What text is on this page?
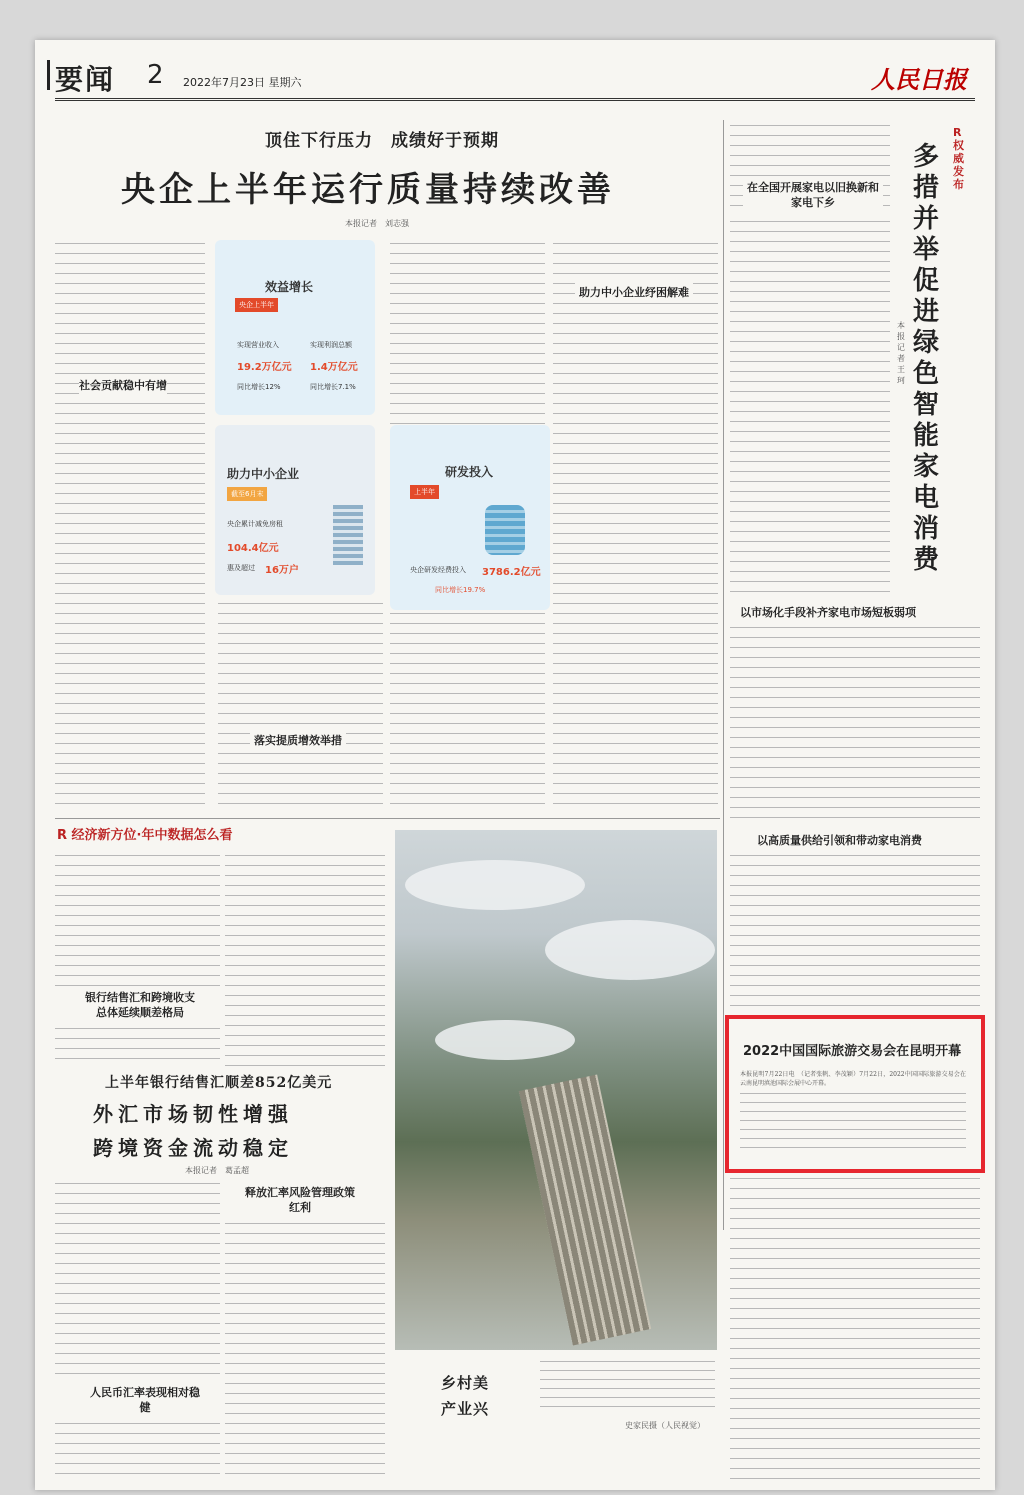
要闻 2 2022年7月23日 星期六	人民日报
顶住下行压力　成绩好于预期
央企上半年运行质量持续改善
本报记者　刘志强
社会贡献稳中有增
助力中小企业纾困解难
落实提质增效举措
效益增长
央企上半年
实现营业收入	实现利润总额
19.2万亿元 1.4万亿元
同比增长12%	同比增长7.1%
助力中小企业
截至6月末
央企累计减免房租
104.4亿元
惠及超过 16万户
研发投入
上半年
央企研发经费投入 3786.2亿元
同比增长19.7%
R 权威发布
多措并举促进绿色智能家电消费
本报记者　王珂
在全国开展家电以旧换新和家电下乡
以市场化手段补齐家电市场短板弱项
以高质量供给引领和带动家电消费
2022中国国际旅游交易会在昆明开幕
本报昆明7月22日电　（记者张帆、李茂颖）7月22日，2022中国国际旅游交易会在云南昆明滇池国际会展中心开幕。
R 经济新方位·年中数据怎么看
银行结售汇和跨境收支总体延续顺差格局
上半年银行结售汇顺差852亿美元
外汇市场韧性增强
跨境资金流动稳定
本报记者　葛孟超
人民币汇率表现相对稳健
释放汇率风险管理政策红利
乡村美 产业兴
史家民摄（人民视觉）
